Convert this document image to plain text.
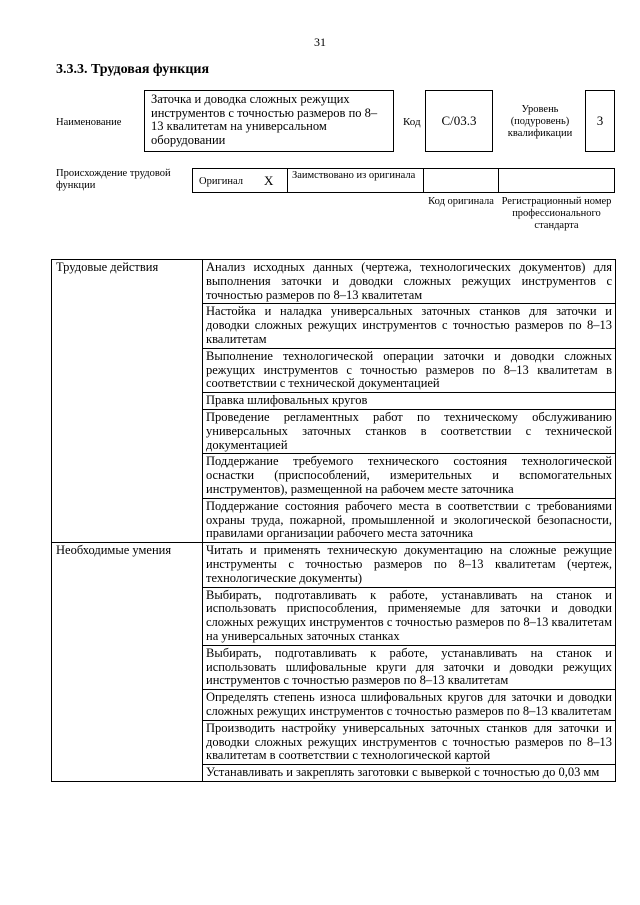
31
3.3.3. Трудовая функция
Наименование
Заточка и доводка сложных режущих инструментов с точностью размеров по 8–13 квалитетам на универсальном оборудовании
Код	С/03.3
Уровень (подуровень) квалификации
3
Происхождение трудовой функции	Оригинал X Заимствовано из оригинала
Код оригинала Регистрационный номер профессионального стандарта
Трудовые действия	Анализ исходных данных (чертежа, технологических документов) для выполнения заточки и доводки сложных режущих инструментов с точностью размеров по 8–13 квалитетам
	Настойка и наладка универсальных заточных станков для заточки и доводки сложных режущих инструментов с точностью размеров по 8–13 квалитетам
	Выполнение технологической операции заточки и доводки сложных режущих инструментов с точностью размеров по 8–13 квалитетам в соответствии с технической документацией
	Правка шлифовальных кругов
	Проведение регламентных работ по техническому обслуживанию универсальных заточных станков в соответствии с технической документацией
	Поддержание требуемого технического состояния технологической оснастки (приспособлений, измерительных и вспомогательных инструментов), размещенной на рабочем месте заточника
	Поддержание состояния рабочего места в соответствии с требованиями охраны труда, пожарной, промышленной и экологической безопасности, правилами организации рабочего места заточника
Необходимые умения	Читать и применять техническую документацию на сложные режущие инструменты с точностью размеров по 8–13 квалитетам (чертеж, технологические документы)
	Выбирать, подготавливать к работе, устанавливать на станок и использовать приспособления, применяемые для заточки и доводки сложных режущих инструментов с точностью размеров по 8–13 квалитетам на универсальных заточных станках
	Выбирать, подготавливать к работе, устанавливать на станок и использовать шлифовальные круги для заточки и доводки режущих инструментов с точностью размеров по 8–13 квалитетам
	Определять степень износа шлифовальных кругов для заточки и доводки сложных режущих инструментов с точностью размеров по 8–13 квалитетам
	Производить настройку универсальных заточных станков для заточки и доводки сложных режущих инструментов с точностью размеров по 8–13 квалитетам в соответствии с технологической картой
	Устанавливать и закреплять заготовки с выверкой с точностью до 0,03 мм
